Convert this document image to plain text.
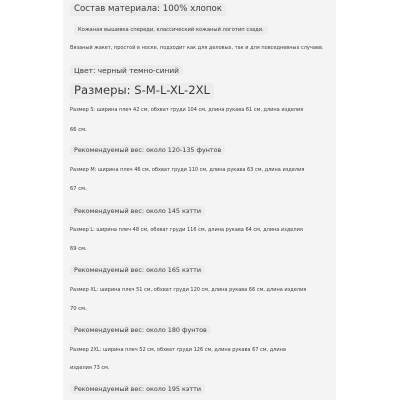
Состав материала: 100% хлопок
Кожаная вышивка спереди, классический кожаный логотип сзади.
Вязаный жакет, простой в носке, подходит как для деловых, так и для повседневных случаев.
Цвет: черный темно-синий
Размеры: S-M-L-XL-2XL
Размер S: ширина плеч 42 см, обхват груди 104 см, длина рукава 61 см, длина изделия
66 см.
Рекомендуемый вес: около 120-135 фунтов
Размер M: ширина плеч 46 см, обхват груди 110 см, длина рукава 63 см, длина изделия
67 см.
Рекомендуемый вес: около 145 кэтти
Размер L: ширина плеч 48 см, обхват груди 116 см, длина рукава 64 см, длина изделия
69 см.
Рекомендуемый вес: около 165 кэтти
Размер XL: ширина плеч 51 см, обхват груди 120 см, длина рукава 66 см, длина изделия
70 см.
Рекомендуемый вес: около 180 фунтов
Размер 2XL: ширина плеч 52 см, обхват груди 126 см, длина рукава 67 см, длина
изделия 73 см.
Рекомендуемый вес: около 195 кэтти
